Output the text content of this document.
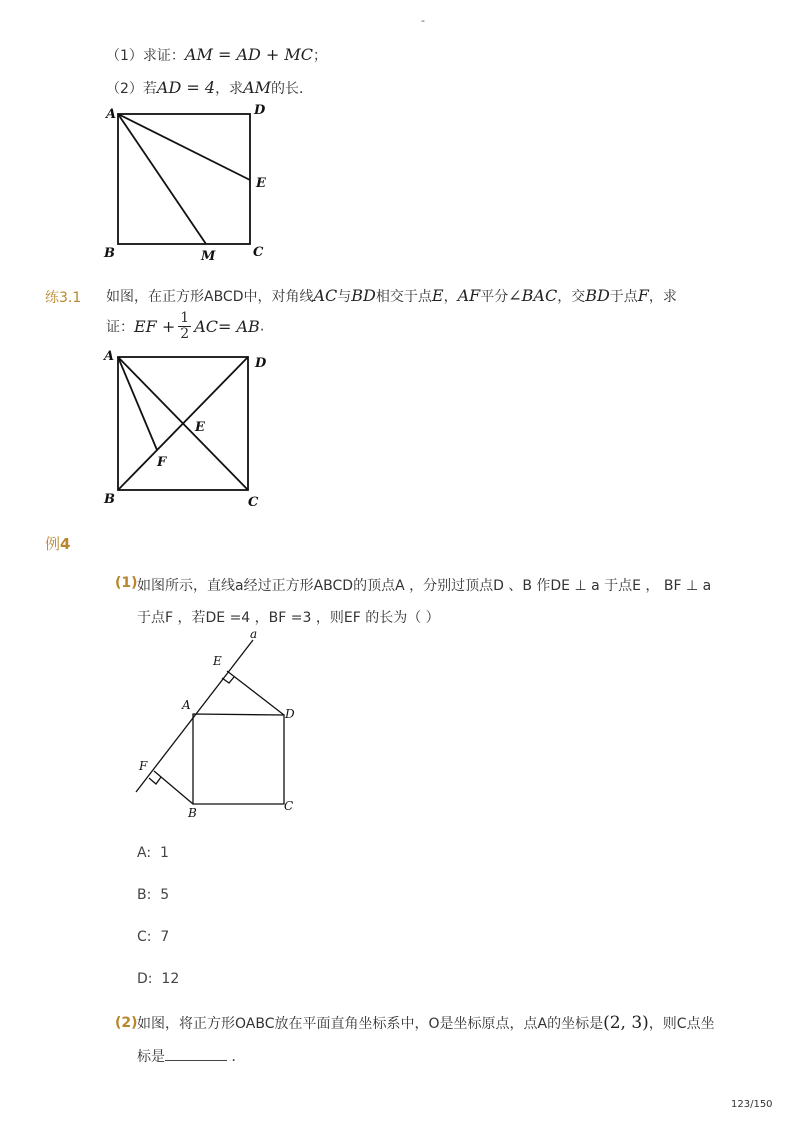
-
（1）求证：AM = AD + MC；
（2）若AD = 4，求AM的长．
A	D
E
B	M	C
A	D
E
F
B	C
a
E
A
D
F
B	C
练3.1 如图，在正方形ABCD中，对角线AC与BD相交于点E，AF平分∠BAC，交BD于点F，求
证：EF + $\frac{1}{2} AC=$ AB.
例4
(1) 如图所示，直线a经过正方形ABCD的顶点A ，分别过顶点D 、B 作DE ⊥ a 于点E ， BF ⊥ a
于点F ，若DE =4 ，BF =3 ，则EF 的长为（ ）
A: 1
B: 5
C: 7
D: 12
(2) 如图，将正方形OABC放在平面直角坐标系中，O是坐标原点，点A的坐标是(2, 3)，则C点坐
标是	．
123/150
